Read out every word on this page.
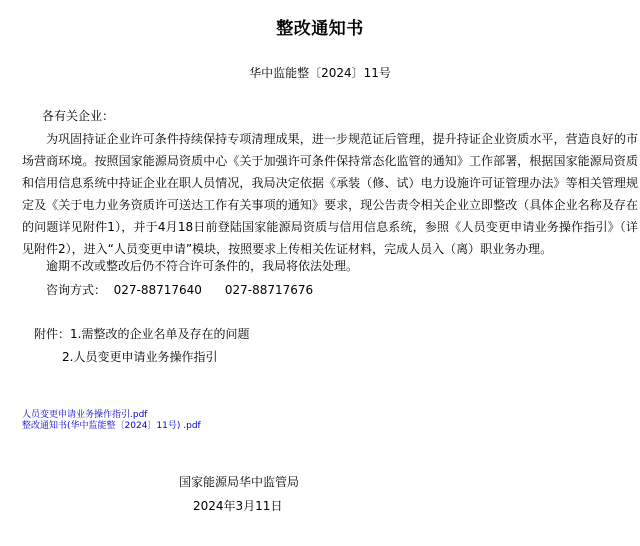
整改通知书
华中监能整〔2024〕11号
各有关企业：

为巩固持证企业许可条件持续保持专项清理成果，进一步规范证后管理，提升持证企业资质水平，营造良好的市场营商环境。按照国家能源局资质中心《关于加强许可条件保持常态化监管的通知》工作部署，根据国家能源局资质和信用信息系统中持证企业在职人员情况，我局决定依据《承装（修、试）电力设施许可证管理办法》等相关管理规定及《关于电力业务资质许可送达工作有关事项的通知》要求，现公告责令相关企业立即整改（具体企业名称及存在的问题详见附件1），并于4月18日前登陆国家能源局资质与信用信息系统，参照《人员变更申请业务操作指引》（详见附件2），进入“人员变更申请”模块，按照要求上传相关佐证材料，完成人员入（离）职业务办理。

逾期不改或整改后仍不符合许可条件的，我局将依法处理。
咨询方式：  027-88717640      027-88717676
附件：1.需整改的企业名单及存在的问题
2.人员变更申请业务操作指引
人员变更申请业务操作指引.pdf
整改通知书(华中监能整〔2024〕11号) .pdf
国家能源局华中监管局
2024年3月11日
